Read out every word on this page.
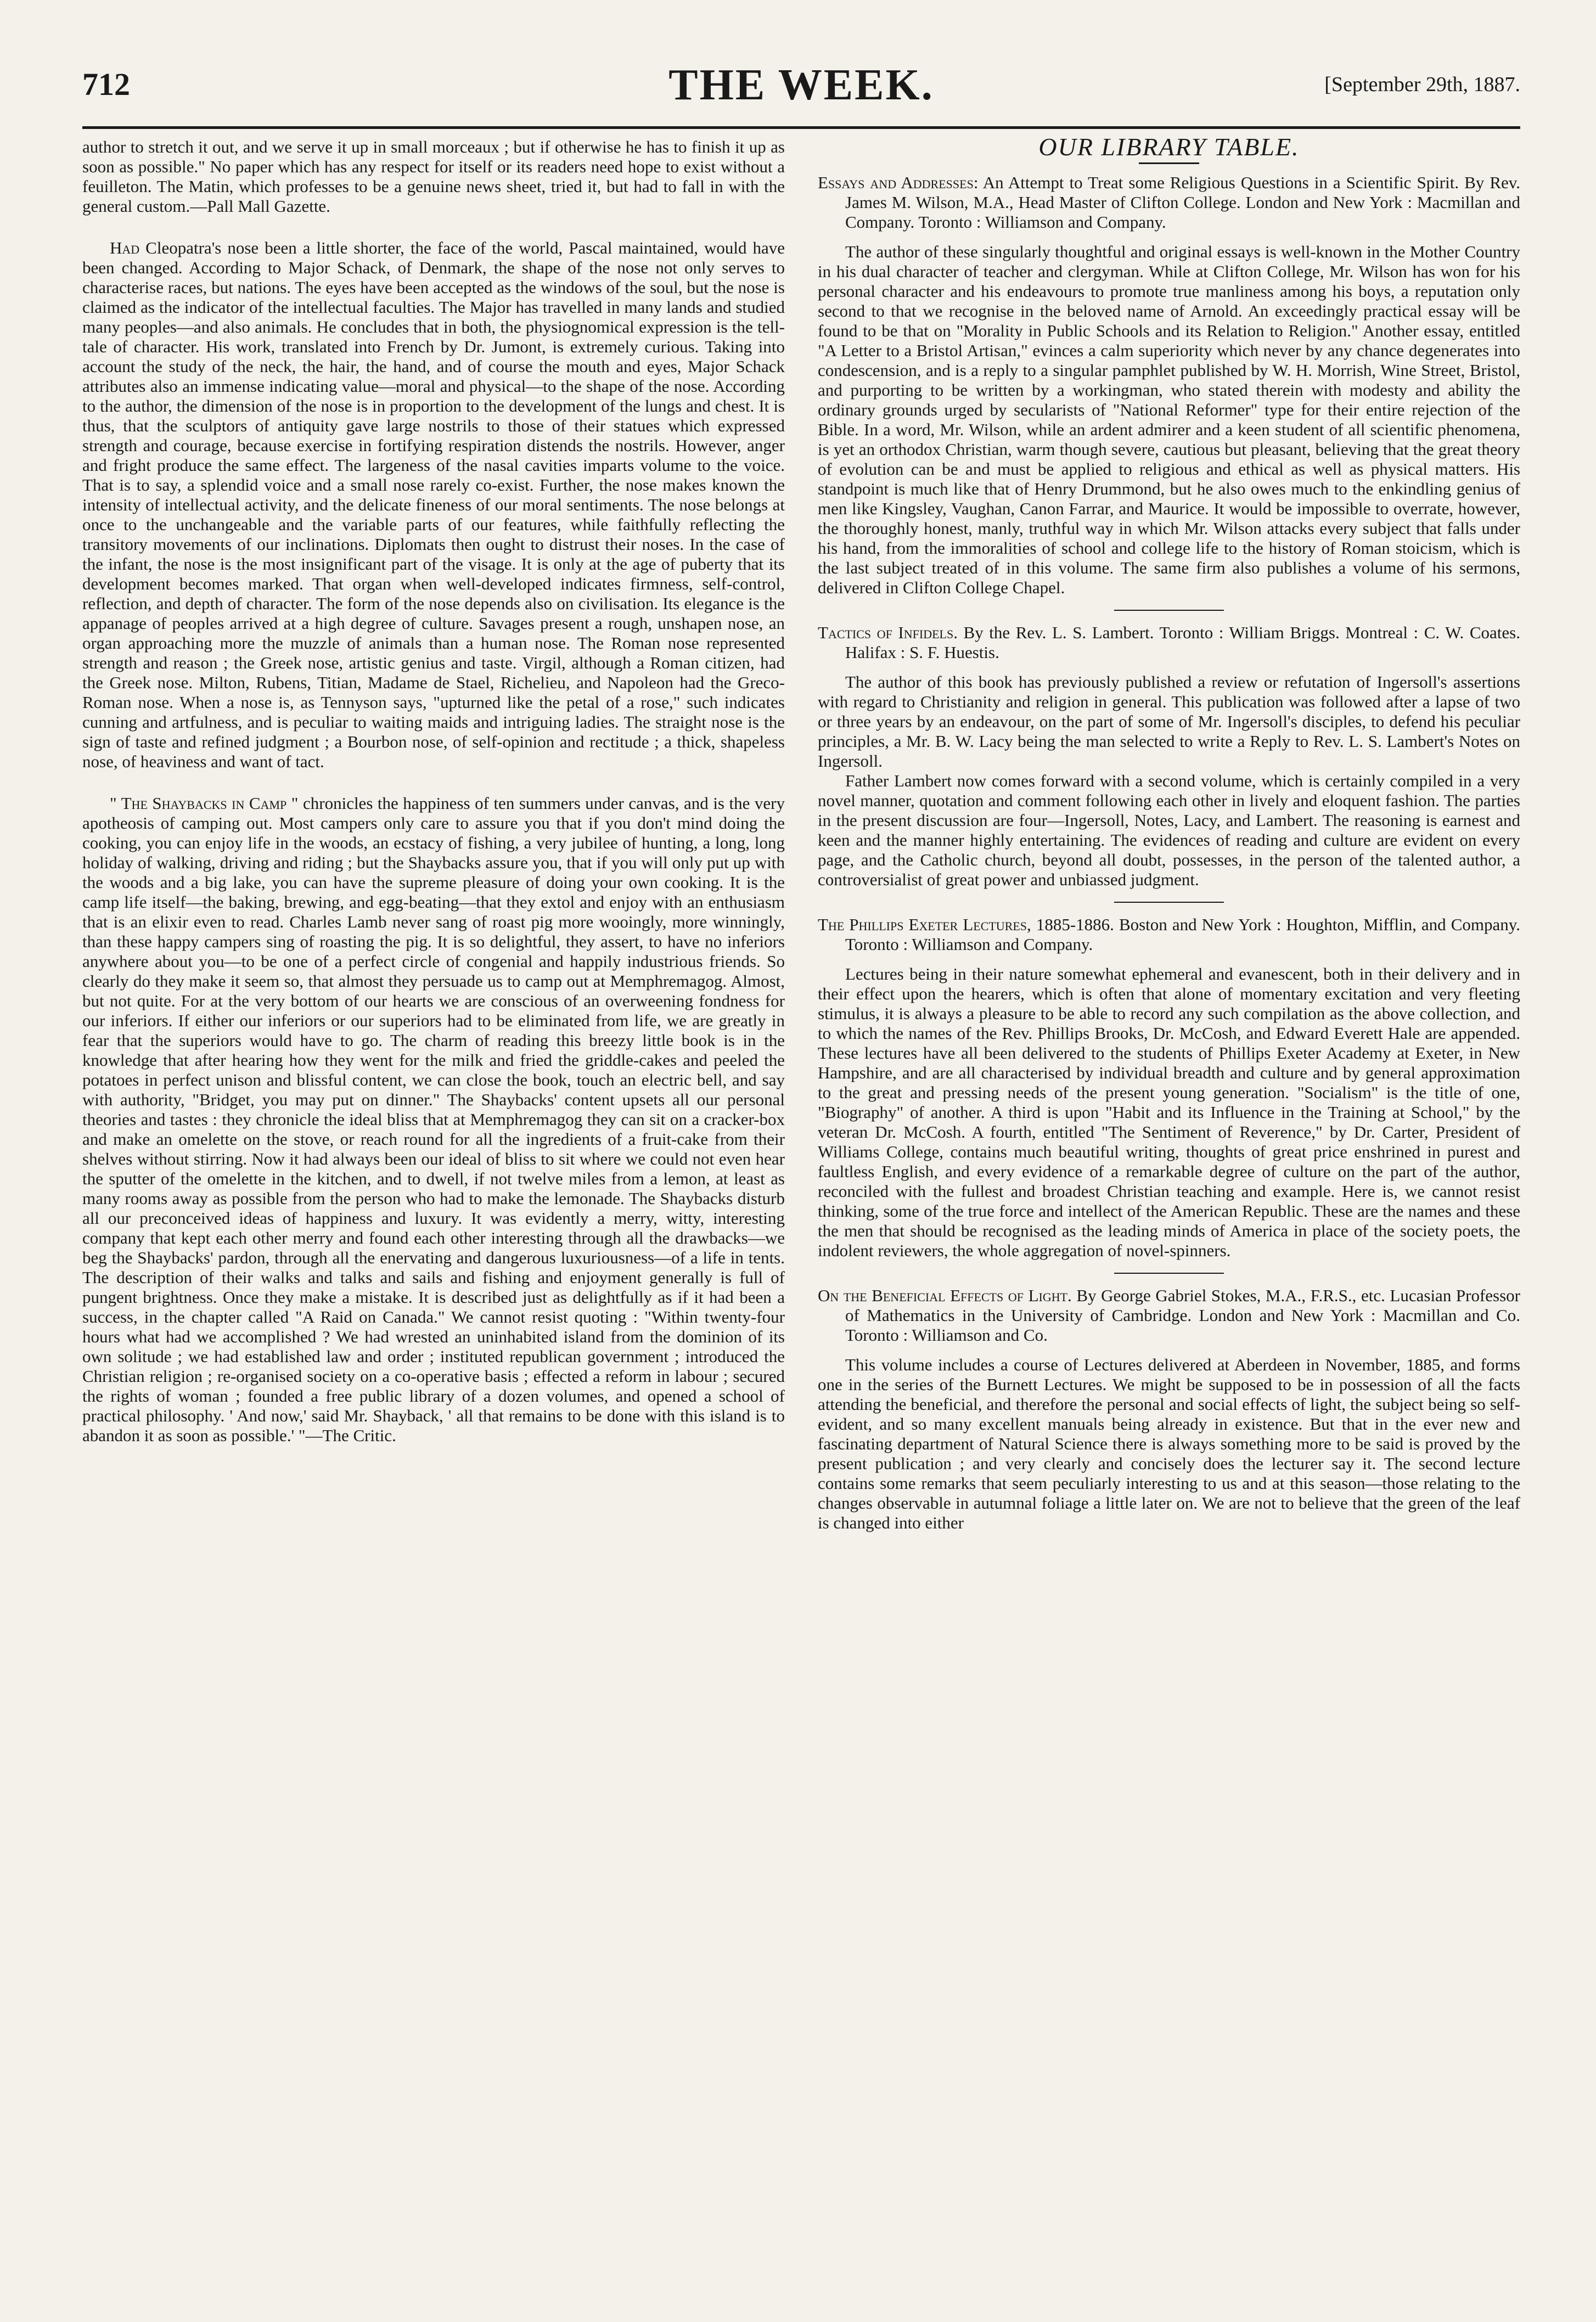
712	THE WEEK.	[September 29th, 1887.

author to stretch it out, and we serve it up in small morceaux ; but if otherwise he has to finish it up as soon as possible." No paper which has any respect for itself or its readers need hope to exist without a feuilleton. The Matin, which professes to be a genuine news sheet, tried it, but had to fall in with the general custom.—Pall Mall Gazette.

Had Cleopatra's nose been a little shorter, the face of the world, Pascal maintained, would have been changed. According to Major Schack, of Denmark, the shape of the nose not only serves to characterise races, but nations. The eyes have been accepted as the windows of the soul, but the nose is claimed as the indicator of the intellectual faculties. The Major has travelled in many lands and studied many peoples—and also animals. He concludes that in both, the physiognomical expression is the tell-tale of character. His work, translated into French by Dr. Jumont, is extremely curious. Taking into account the study of the neck, the hair, the hand, and of course the mouth and eyes, Major Schack attributes also an immense indicating value—moral and physical—to the shape of the nose. According to the author, the dimension of the nose is in proportion to the development of the lungs and chest. It is thus, that the sculptors of antiquity gave large nostrils to those of their statues which expressed strength and courage, because exercise in fortifying respiration distends the nostrils. However, anger and fright produce the same effect. The largeness of the nasal cavities imparts volume to the voice. That is to say, a splendid voice and a small nose rarely co-exist. Further, the nose makes known the intensity of intellectual activity, and the delicate fineness of our moral sentiments. The nose belongs at once to the unchangeable and the variable parts of our features, while faithfully reflecting the transitory movements of our inclinations. Diplomats then ought to distrust their noses. In the case of the infant, the nose is the most insignificant part of the visage. It is only at the age of puberty that its development becomes marked. That organ when well-developed indicates firmness, self-control, reflection, and depth of character. The form of the nose depends also on civilisation. Its elegance is the appanage of peoples arrived at a high degree of culture. Savages present a rough, unshapen nose, an organ approaching more the muzzle of animals than a human nose. The Roman nose represented strength and reason ; the Greek nose, artistic genius and taste. Virgil, although a Roman citizen, had the Greek nose. Milton, Rubens, Titian, Madame de Stael, Richelieu, and Napoleon had the Greco-Roman nose. When a nose is, as Tennyson says, "upturned like the petal of a rose," such indicates cunning and artfulness, and is peculiar to waiting maids and intriguing ladies. The straight nose is the sign of taste and refined judgment ; a Bourbon nose, of self-opinion and rectitude ; a thick, shapeless nose, of heaviness and want of tact.

" The Shaybacks in Camp " chronicles the happiness of ten summers under canvas, and is the very apotheosis of camping out. Most campers only care to assure you that if you don't mind doing the cooking, you can enjoy life in the woods, an ecstacy of fishing, a very jubilee of hunting, a long, long holiday of walking, driving and riding ; but the Shaybacks assure you, that if you will only put up with the woods and a big lake, you can have the supreme pleasure of doing your own cooking. It is the camp life itself—the baking, brewing, and egg-beating—that they extol and enjoy with an enthusiasm that is an elixir even to read. Charles Lamb never sang of roast pig more wooingly, more winningly, than these happy campers sing of roasting the pig. It is so delightful, they assert, to have no inferiors anywhere about you—to be one of a perfect circle of congenial and happily industrious friends. So clearly do they make it seem so, that almost they persuade us to camp out at Memphremagog. Almost, but not quite. For at the very bottom of our hearts we are conscious of an overweening fondness for our inferiors. If either our inferiors or our superiors had to be eliminated from life, we are greatly in fear that the superiors would have to go. The charm of reading this breezy little book is in the knowledge that after hearing how they went for the milk and fried the griddle-cakes and peeled the potatoes in perfect unison and blissful content, we can close the book, touch an electric bell, and say with authority, "Bridget, you may put on dinner." The Shaybacks' content upsets all our personal theories and tastes : they chronicle the ideal bliss that at Memphremagog they can sit on a cracker-box and make an omelette on the stove, or reach round for all the ingredients of a fruit-cake from their shelves without stirring. Now it had always been our ideal of bliss to sit where we could not even hear the sputter of the omelette in the kitchen, and to dwell, if not twelve miles from a lemon, at least as many rooms away as possible from the person who had to make the lemonade. The Shaybacks disturb all our preconceived ideas of happiness and luxury. It was evidently a merry, witty, interesting company that kept each other merry and found each other interesting through all the drawbacks—we beg the Shaybacks' pardon, through all the enervating and dangerous luxuriousness—of a life in tents. The description of their walks and talks and sails and fishing and enjoyment generally is full of pungent brightness. Once they make a mistake. It is described just as delightfully as if it had been a success, in the chapter called "A Raid on Canada." We cannot resist quoting : "Within twenty-four hours what had we accomplished ? We had wrested an uninhabited island from the dominion of its own solitude ; we had established law and order ; instituted republican government ; introduced the Christian religion ; re-organised society on a co-operative basis ; effected a reform in labour ; secured the rights of woman ; founded a free public library of a dozen volumes, and opened a school of practical philosophy. ' And now,' said Mr. Shayback, ' all that remains to be done with this island is to abandon it as soon as possible.' "—The Critic.

OUR LIBRARY TABLE.
Essays and Addresses: An Attempt to Treat some Religious Questions in a Scientific Spirit. By Rev. James M. Wilson, M.A., Head Master of Clifton College. London and New York : Macmillan and Company. Toronto : Williamson and Company.

The author of these singularly thoughtful and original essays is well-known in the Mother Country in his dual character of teacher and clergyman. While at Clifton College, Mr. Wilson has won for his personal character and his endeavours to promote true manliness among his boys, a reputation only second to that we recognise in the beloved name of Arnold. An exceedingly practical essay will be found to be that on "Morality in Public Schools and its Relation to Religion." Another essay, entitled "A Letter to a Bristol Artisan," evinces a calm superiority which never by any chance degenerates into condescension, and is a reply to a singular pamphlet published by W. H. Morrish, Wine Street, Bristol, and purporting to be written by a workingman, who stated therein with modesty and ability the ordinary grounds urged by secularists of "National Reformer" type for their entire rejection of the Bible. In a word, Mr. Wilson, while an ardent admirer and a keen student of all scientific phenomena, is yet an orthodox Christian, warm though severe, cautious but pleasant, believing that the great theory of evolution can be and must be applied to religious and ethical as well as physical matters. His standpoint is much like that of Henry Drummond, but he also owes much to the enkindling genius of men like Kingsley, Vaughan, Canon Farrar, and Maurice. It would be impossible to overrate, however, the thoroughly honest, manly, truthful way in which Mr. Wilson attacks every subject that falls under his hand, from the immoralities of school and college life to the history of Roman stoicism, which is the last subject treated of in this volume. The same firm also publishes a volume of his sermons, delivered in Clifton College Chapel.

Tactics of Infidels. By the Rev. L. S. Lambert. Toronto : William Briggs. Montreal : C. W. Coates. Halifax : S. F. Huestis.

The author of this book has previously published a review or refutation of Ingersoll's assertions with regard to Christianity and religion in general. This publication was followed after a lapse of two or three years by an endeavour, on the part of some of Mr. Ingersoll's disciples, to defend his peculiar principles, a Mr. B. W. Lacy being the man selected to write a Reply to Rev. L. S. Lambert's Notes on Ingersoll.

Father Lambert now comes forward with a second volume, which is certainly compiled in a very novel manner, quotation and comment following each other in lively and eloquent fashion. The parties in the present discussion are four—Ingersoll, Notes, Lacy, and Lambert. The reasoning is earnest and keen and the manner highly entertaining. The evidences of reading and culture are evident on every page, and the Catholic church, beyond all doubt, possesses, in the person of the talented author, a controversialist of great power and unbiassed judgment.

The Phillips Exeter Lectures, 1885-1886. Boston and New York : Houghton, Mifflin, and Company. Toronto : Williamson and Company.

Lectures being in their nature somewhat ephemeral and evanescent, both in their delivery and in their effect upon the hearers, which is often that alone of momentary excitation and very fleeting stimulus, it is always a pleasure to be able to record any such compilation as the above collection, and to which the names of the Rev. Phillips Brooks, Dr. McCosh, and Edward Everett Hale are appended. These lectures have all been delivered to the students of Phillips Exeter Academy at Exeter, in New Hampshire, and are all characterised by individual breadth and culture and by general approximation to the great and pressing needs of the present young generation. "Socialism" is the title of one, "Biography" of another. A third is upon "Habit and its Influence in the Training at School," by the veteran Dr. McCosh. A fourth, entitled "The Sentiment of Reverence," by Dr. Carter, President of Williams College, contains much beautiful writing, thoughts of great price enshrined in purest and faultless English, and every evidence of a remarkable degree of culture on the part of the author, reconciled with the fullest and broadest Christian teaching and example. Here is, we cannot resist thinking, some of the true force and intellect of the American Republic. These are the names and these the men that should be recognised as the leading minds of America in place of the society poets, the indolent reviewers, the whole aggregation of novel-spinners.

On the Beneficial Effects of Light. By George Gabriel Stokes, M.A., F.R.S., etc. Lucasian Professor of Mathematics in the University of Cambridge. London and New York : Macmillan and Co. Toronto : Williamson and Co.

This volume includes a course of Lectures delivered at Aberdeen in November, 1885, and forms one in the series of the Burnett Lectures. We might be supposed to be in possession of all the facts attending the beneficial, and therefore the personal and social effects of light, the subject being so self-evident, and so many excellent manuals being already in existence. But that in the ever new and fascinating department of Natural Science there is always something more to be said is proved by the present publication ; and very clearly and concisely does the lecturer say it. The second lecture contains some remarks that seem peculiarly interesting to us and at this season—those relating to the changes observable in autumnal foliage a little later on. We are not to believe that the green of the leaf is changed into either
